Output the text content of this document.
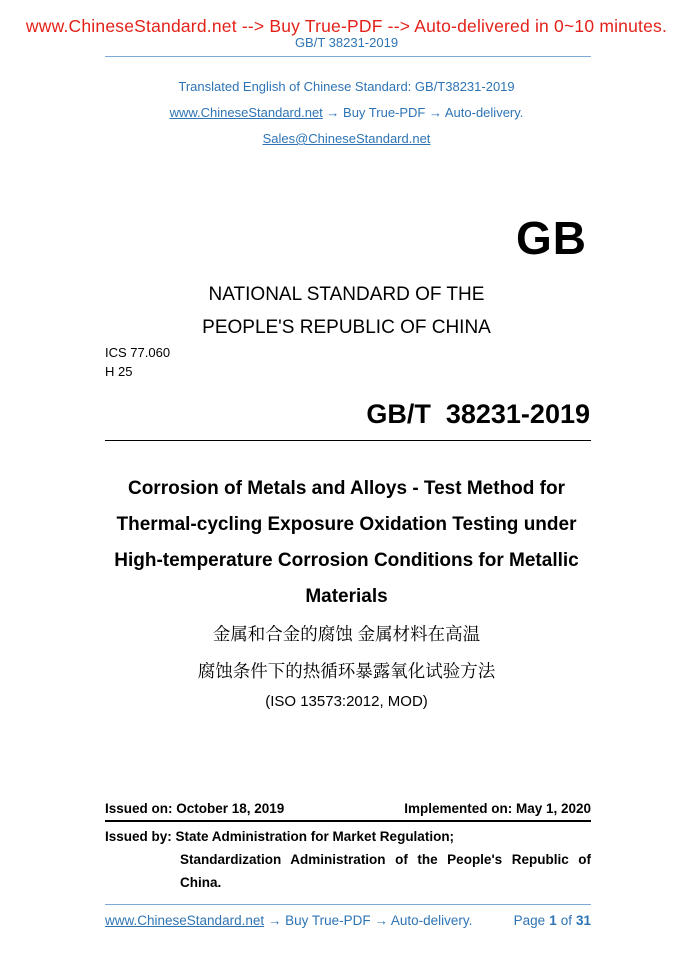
www.ChineseStandard.net --> Buy True-PDF --> Auto-delivered in 0~10 minutes.
GB/T 38231-2019
Translated English of Chinese Standard: GB/T38231-2019
www.ChineseStandard.net → Buy True-PDF → Auto-delivery.
Sales@ChineseStandard.net
GB
NATIONAL STANDARD OF THE
PEOPLE'S REPUBLIC OF CHINA
ICS 77.060
H 25
GB/T  38231-2019
Corrosion of Metals and Alloys - Test Method for
Thermal-cycling Exposure Oxidation Testing under
High-temperature Corrosion Conditions for Metallic
Materials
金属和合金的腐蚀 金属材料在高温
腐蚀条件下的热循环暴露氧化试验方法
(ISO 13573:2012, MOD)
Issued on: October 18, 2019	Implemented on: May 1, 2020
Issued by: State Administration for Market Regulation;
Standardization Administration of the People's Republic of
China.
www.ChineseStandard.net → Buy True-PDF → Auto-delivery.	Page 1 of 31
